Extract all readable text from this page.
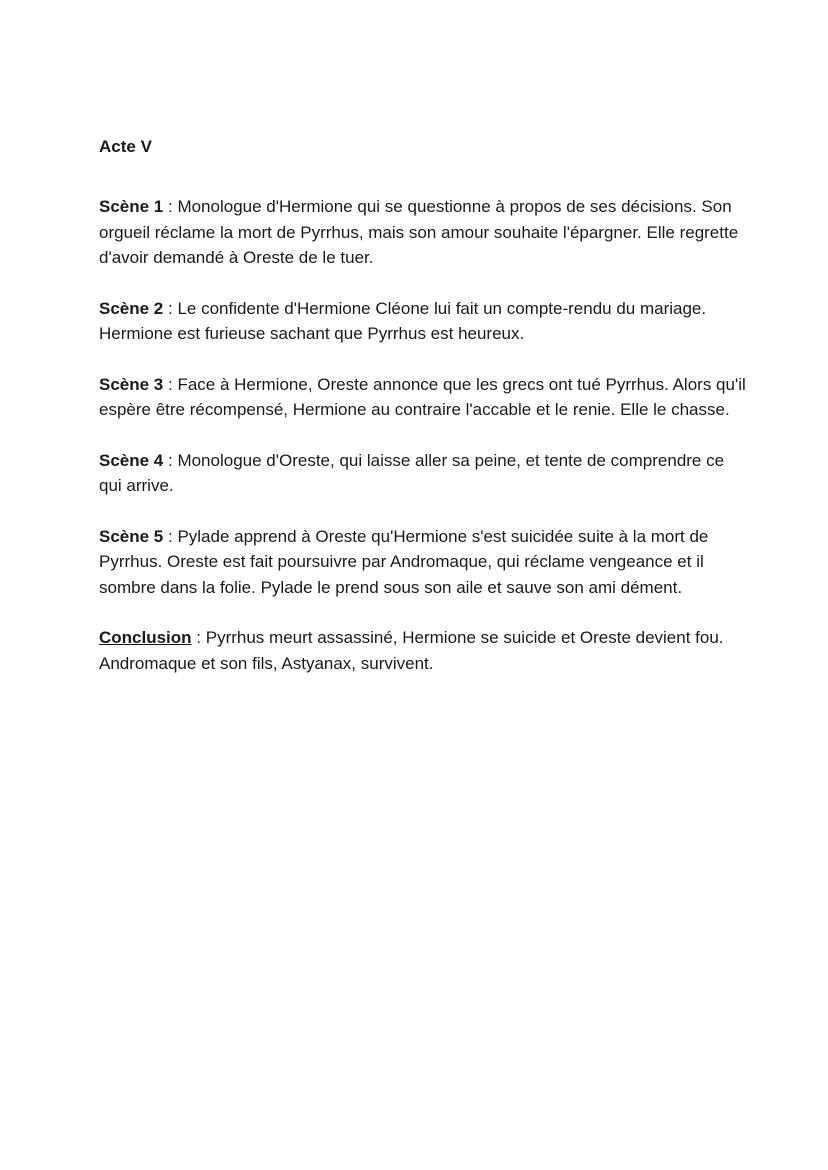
Acte V

Scène 1 : Monologue d'Hermione qui se questionne à propos de ses décisions. Son orgueil réclame la mort de Pyrrhus, mais son amour souhaite l'épargner. Elle regrette d'avoir demandé à Oreste de le tuer.

Scène 2 : Le confidente d'Hermione Cléone lui fait un compte-rendu du mariage. Hermione est furieuse sachant que Pyrrhus est heureux.

Scène 3 : Face à Hermione, Oreste annonce que les grecs ont tué Pyrrhus. Alors qu'il espère être récompensé, Hermione au contraire l'accable et le renie. Elle le chasse.

Scène 4 : Monologue d'Oreste, qui laisse aller sa peine, et tente de comprendre ce qui arrive.

Scène 5 : Pylade apprend à Oreste qu'Hermione s'est suicidée suite à la mort de Pyrrhus. Oreste est fait poursuivre par Andromaque, qui réclame vengeance et il sombre dans la folie. Pylade le prend sous son aile et sauve son ami dément.

Conclusion : Pyrrhus meurt assassiné, Hermione se suicide et Oreste devient fou. Andromaque et son fils, Astyanax, survivent.
